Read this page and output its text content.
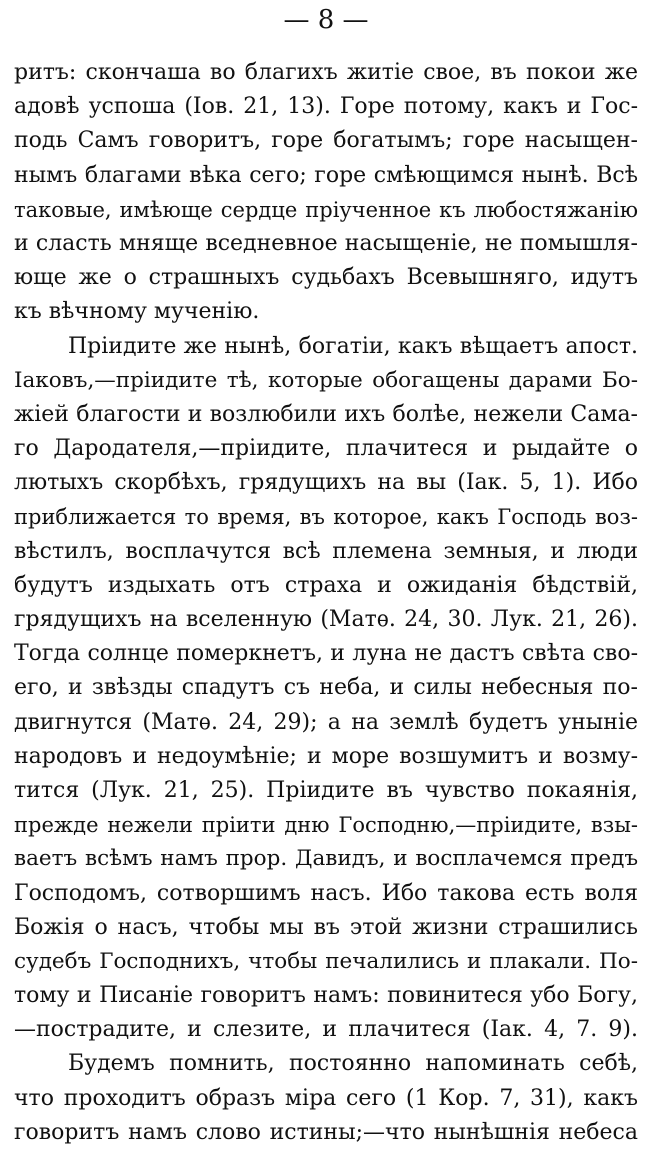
— 8 —
ритъ: скончаша во благихъ житіе свое, въ покои же
адовѣ успоша (Іов. 21, 13). Горе потому, какъ и Гос-
подь Самъ говоритъ, горе богатымъ; горе насыщен-
нымъ благами вѣка сего; горе смѣющимся нынѣ. Всѣ
таковые, имѣюще сердце пріученное къ любостяжанію
и сласть мняще вседневное насыщеніе, не помышля-
юще же о страшныхъ судьбахъ Всевышняго, идутъ
къ вѣчному мученію.
Пріидите же нынѣ, богатіи, какъ вѣщаетъ апост.
Іаковъ,—пріидите тѣ, которые обогащены дарами Бо-
жіей благости и возлюбили ихъ болѣе, нежели Сама-
го Дародателя,—пріидите, плачитеся и рыдайте о
лютыхъ скорбѣхъ, грядущихъ на вы (Іак. 5, 1). Ибо
приближается то время, въ которое, какъ Господь воз-
вѣстилъ, восплачутся всѣ племена земныя, и люди
будутъ издыхать отъ страха и ожиданія бѣдствій,
грядущихъ на вселенную (Матѳ. 24, 30. Лук. 21, 26).
Тогда солнце померкнетъ, и луна не дастъ свѣта сво-
его, и звѣзды спадутъ съ неба, и силы небесныя по-
двигнутся (Матѳ. 24, 29); а на землѣ будетъ уныніе
народовъ и недоумѣніе; и море возшумитъ и возму-
тится (Лук. 21, 25). Пріидите въ чувство покаянія,
прежде нежели пріити дню Господню,—пріидите, взы-
ваетъ всѣмъ намъ прор. Давидъ, и восплачемся предъ
Господомъ, сотворшимъ насъ. Ибо такова есть воля
Божія о насъ, чтобы мы въ этой жизни страшились
судебъ Господнихъ, чтобы печалились и плакали. По-
тому и Писаніе говоритъ намъ: повинитеся убо Богу,
—пострадите, и слезите, и плачитеся (Іак. 4, 7. 9).
Будемъ помнить, постоянно напоминать себѣ,
что проходитъ образъ міра сего (1 Кор. 7, 31), какъ
говоритъ намъ слово истины;—что нынѣшнія небеса
